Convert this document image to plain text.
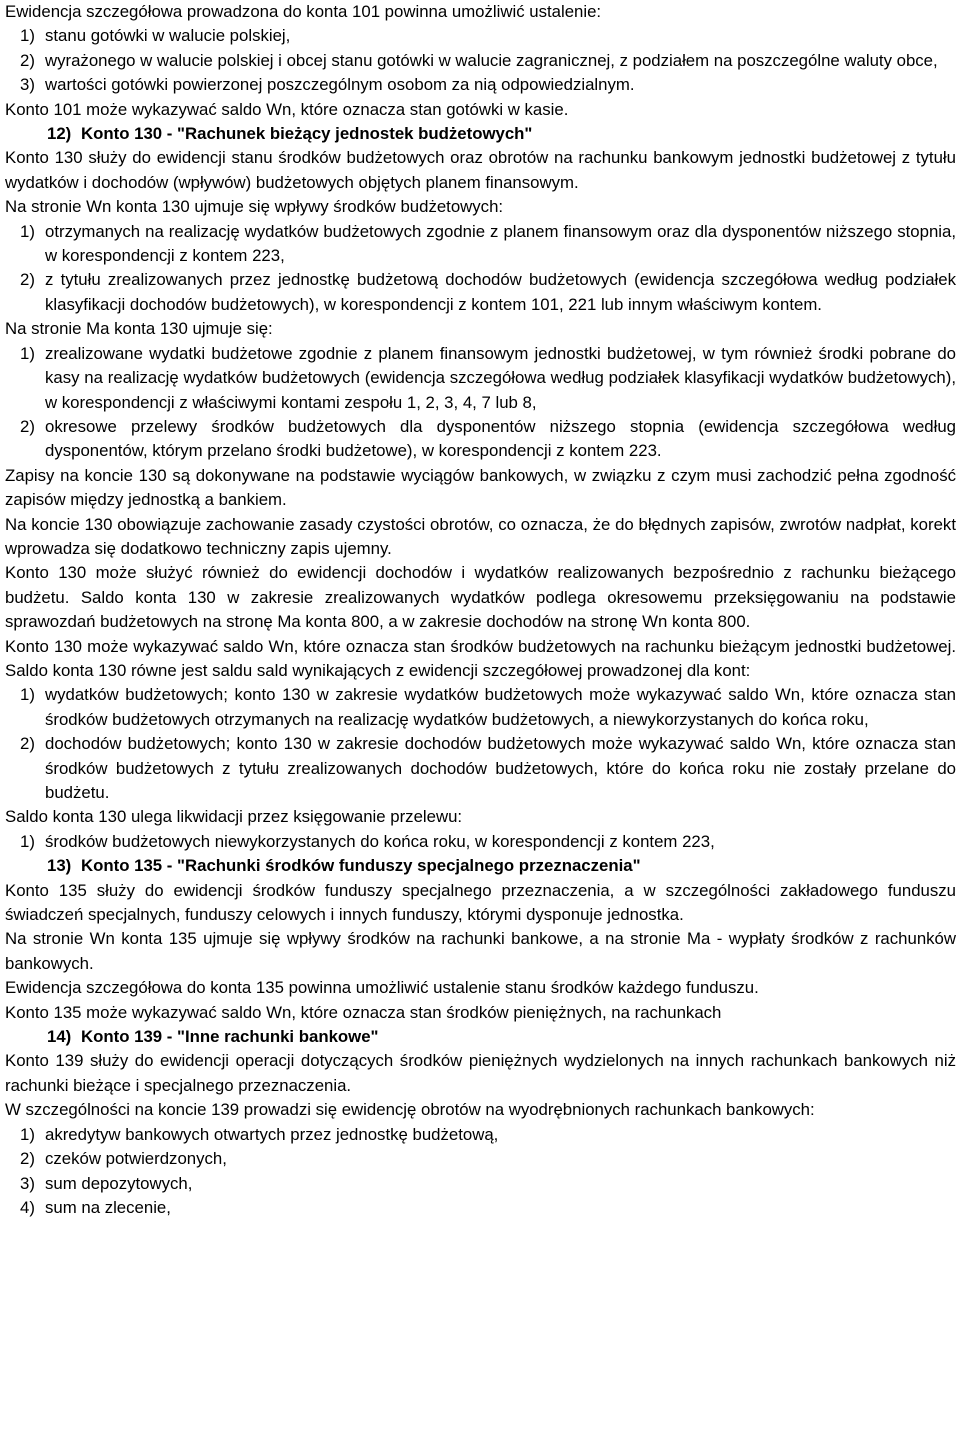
Ewidencja szczegółowa prowadzona do konta 101 powinna umożliwić ustalenie:

1) stanu gotówki w walucie polskiej,
2) wyrażonego w walucie polskiej i obcej stanu gotówki w walucie zagranicznej, z podziałem na poszczególne waluty obce,
3) wartości gotówki powierzonej poszczególnym osobom za nią odpowiedzialnym.

Konto 101 może wykazywać saldo Wn, które oznacza stan gotówki w kasie.

12) Konto 130 - "Rachunek bieżący jednostek budżetowych"

Konto 130 służy do ewidencji stanu środków budżetowych oraz obrotów na rachunku bankowym jednostki budżetowej z tytułu wydatków i dochodów (wpływów) budżetowych objętych planem finansowym.

Na stronie Wn konta 130 ujmuje się wpływy środków budżetowych:

1) otrzymanych na realizację wydatków budżetowych zgodnie z planem finansowym oraz dla dysponentów niższego stopnia, w korespondencji z kontem 223,
2) z tytułu zrealizowanych przez jednostkę budżetową dochodów budżetowych (ewidencja szczegółowa według podziałek klasyfikacji dochodów budżetowych), w korespondencji z kontem 101, 221 lub innym właściwym kontem.

Na stronie Ma konta 130 ujmuje się:

1) zrealizowane wydatki budżetowe zgodnie z planem finansowym jednostki budżetowej, w tym również środki pobrane do kasy na realizację wydatków budżetowych (ewidencja szczegółowa według podziałek klasyfikacji wydatków budżetowych), w korespondencji z właściwymi kontami zespołu 1, 2, 3, 4, 7 lub 8,
2) okresowe przelewy środków budżetowych dla dysponentów niższego stopnia (ewidencja szczegółowa według dysponentów, którym przelano środki budżetowe), w korespondencji z kontem 223.

Zapisy na koncie 130 są dokonywane na podstawie wyciągów bankowych, w związku z czym musi zachodzić pełna zgodność zapisów między jednostką a bankiem.

Na koncie 130 obowiązuje zachowanie zasady czystości obrotów, co oznacza, że do błędnych zapisów, zwrotów nadpłat, korekt wprowadza się dodatkowo techniczny zapis ujemny.

Konto 130 może służyć również do ewidencji dochodów i wydatków realizowanych bezpośrednio z rachunku bieżącego budżetu. Saldo konta 130 w zakresie zrealizowanych wydatków podlega okresowemu przeksięgowaniu na podstawie sprawozdań budżetowych na stronę Ma konta 800, a w zakresie dochodów na stronę Wn konta 800.

Konto 130 może wykazywać saldo Wn, które oznacza stan środków budżetowych na rachunku bieżącym jednostki budżetowej. Saldo konta 130 równe jest saldu sald wynikających z ewidencji szczegółowej prowadzonej dla kont:

1) wydatków budżetowych; konto 130 w zakresie wydatków budżetowych może wykazywać saldo Wn, które oznacza stan środków budżetowych otrzymanych na realizację wydatków budżetowych, a niewykorzystanych do końca roku,
2) dochodów budżetowych; konto 130 w zakresie dochodów budżetowych może wykazywać saldo Wn, które oznacza stan środków budżetowych z tytułu zrealizowanych dochodów budżetowych, które do końca roku nie zostały przelane do budżetu.

Saldo konta 130 ulega likwidacji przez księgowanie przelewu:

1) środków budżetowych niewykorzystanych do końca roku, w korespondencji z kontem 223,
13) Konto 135 - "Rachunki środków funduszy specjalnego przeznaczenia"

Konto 135 służy do ewidencji środków funduszy specjalnego przeznaczenia, a w szczególności zakładowego funduszu świadczeń specjalnych, funduszy celowych i innych funduszy, którymi dysponuje jednostka.

Na stronie Wn konta 135 ujmuje się wpływy środków na rachunki bankowe, a na stronie Ma - wypłaty środków z rachunków bankowych.

Ewidencja szczegółowa do konta 135 powinna umożliwić ustalenie stanu środków każdego funduszu.

Konto 135 może wykazywać saldo Wn, które oznacza stan środków pieniężnych, na rachunkach

14) Konto 139 - "Inne rachunki bankowe"

Konto 139 służy do ewidencji operacji dotyczących środków pieniężnych wydzielonych na innych rachunkach bankowych niż rachunki bieżące i specjalnego przeznaczenia.

W szczególności na koncie 139 prowadzi się ewidencję obrotów na wyodrębnionych rachunkach bankowych:

1) akredytyw bankowych otwartych przez jednostkę budżetową,
2) czeków potwierdzonych,
3) sum depozytowych,
4) sum na zlecenie,
